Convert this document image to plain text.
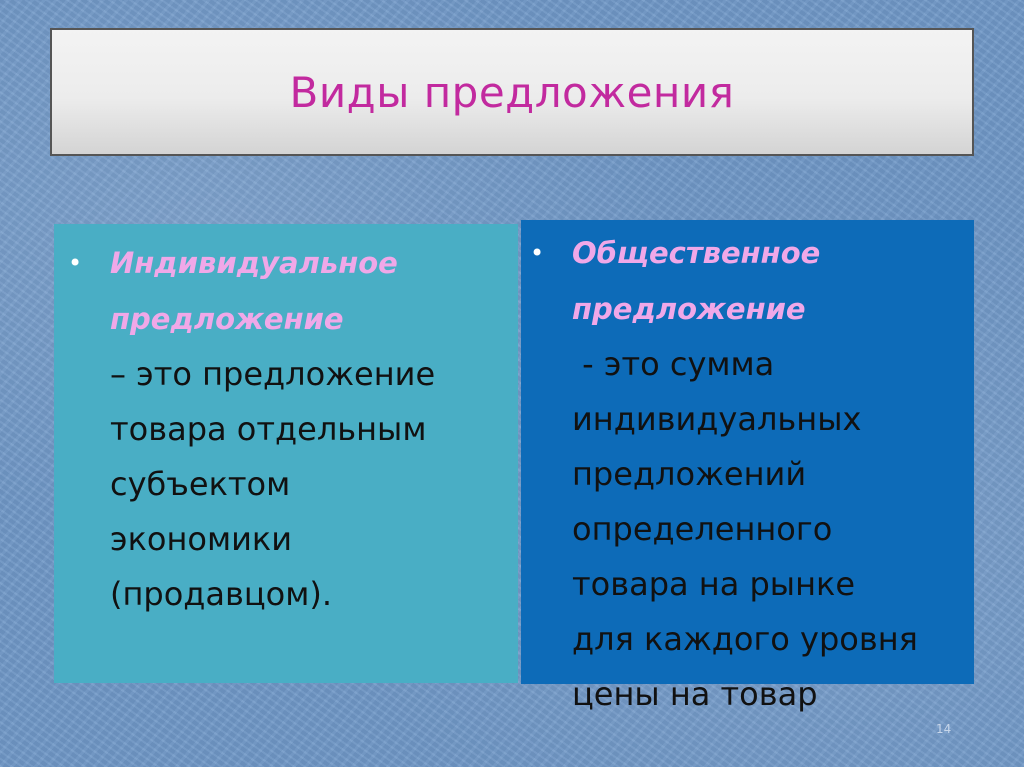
Виды предложения
• Индивидуальное
предложение
– это предложение
товара отдельным
субъектом
экономики
(продавцом).
• Общественное
предложение
- это сумма
индивидуальных
предложений
определенного
товара на рынке
для каждого уровня
цены на товар
14
